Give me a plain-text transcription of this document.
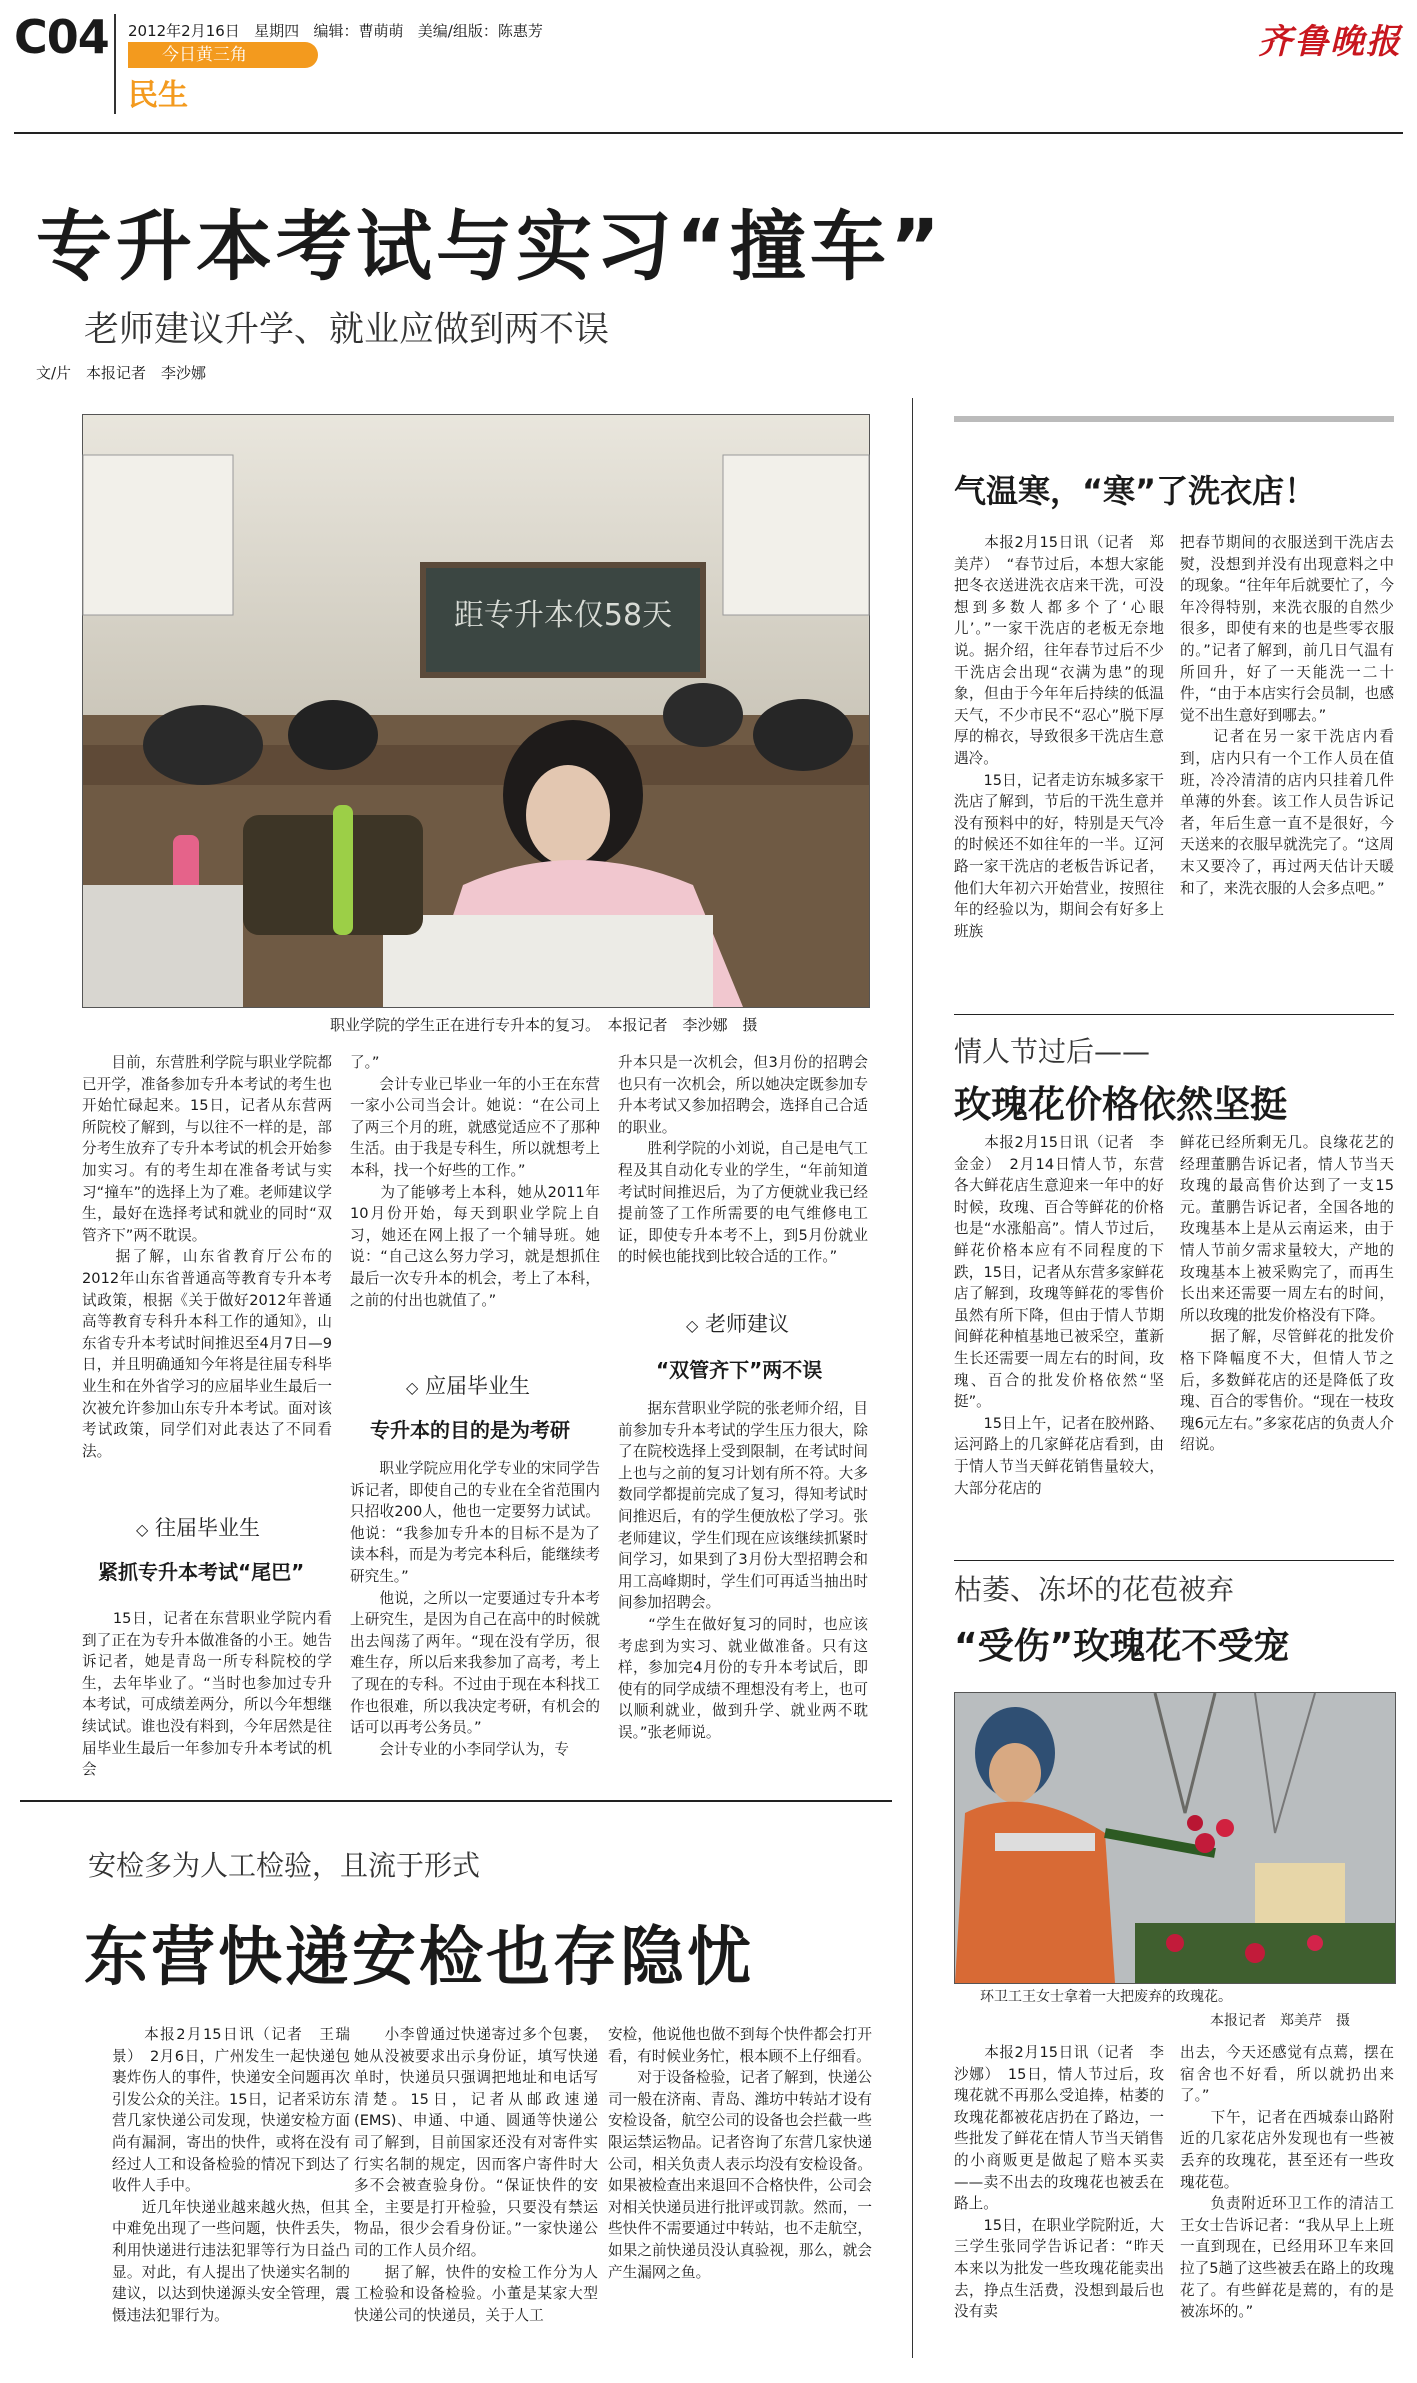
C04 2012年2月16日 星期四 编辑：曹萌萌 美编/组版：陈惠芳
今日黄三角
民生
齐鲁晚报
专升本考试与实习“撞车”
老师建议升学、就业应做到两不误
文/片　本报记者　李沙娜
距专升本仅58天
职业学院的学生正在进行专升本的复习。　本报记者　李沙娜　摄
　　目前，东营胜利学院与职业学院都已开学，准备参加专升本考试的考生也开始忙碌起来。15日，记者从东营两所院校了解到，与以往不一样的是，部分考生放弃了专升本考试的机会开始参加实习。有的考生却在准备考试与实习“撞车”的选择上为了难。老师建议学生，最好在选择考试和就业的同时“双管齐下”两不耽误。
　　据了解，山东省教育厅公布的2012年山东省普通高等教育专升本考试政策，根据《关于做好2012年普通高等教育专科升本科工作的通知》，山东省专升本考试时间推迟至4月7日—9日，并且明确通知今年将是往届专科毕业生和在外省学习的应届毕业生最后一次被允许参加山东专升本考试。面对该考试政策，同学们对此表达了不同看法。
◇ 往届毕业生
紧抓专升本考试“尾巴”
　　15日，记者在东营职业学院内看到了正在为专升本做准备的小王。她告诉记者，她是青岛一所专科院校的学生，去年毕业了。“当时也参加过专升本考试，可成绩差两分，所以今年想继续试试。谁也没有料到，今年居然是往届毕业生最后一年参加专升本考试的机会
了。”
　　会计专业已毕业一年的小王在东营一家小公司当会计。她说：“在公司上了两三个月的班，就感觉适应不了那种生活。由于我是专科生，所以就想考上本科，找一个好些的工作。”
　　为了能够考上本科，她从2011年10月份开始，每天到职业学院上自习，她还在网上报了一个辅导班。她说：“自己这么努力学习，就是想抓住最后一次专升本的机会，考上了本科，之前的付出也就值了。”
◇ 应届毕业生
专升本的目的是为考研
　　职业学院应用化学专业的宋同学告诉记者，即使自己的专业在全省范围内只招收200人，他也一定要努力试试。他说：“我参加专升本的目标不是为了读本科，而是为考完本科后，能继续考研究生。”
　　他说，之所以一定要通过专升本考上研究生，是因为自己在高中的时候就出去闯荡了两年。“现在没有学历，很难生存，所以后来我参加了高考，考上了现在的专科。不过由于现在本科找工作也很难，所以我决定考研，有机会的话可以再考公务员。”
　　会计专业的小李同学认为，专
升本只是一次机会，但3月份的招聘会也只有一次机会，所以她决定既参加专升本考试又参加招聘会，选择自己合适的职业。
　　胜利学院的小刘说，自己是电气工程及其自动化专业的学生，“年前知道考试时间推迟后，为了方便就业我已经提前签了工作所需要的电气维修电工证，即使专升本考不上，到5月份就业的时候也能找到比较合适的工作。”
◇ 老师建议
“双管齐下”两不误
　　据东营职业学院的张老师介绍，目前参加专升本考试的学生压力很大，除了在院校选择上受到限制，在考试时间上也与之前的复习计划有所不符。大多数同学都提前完成了复习，得知考试时间推迟后，有的学生便放松了学习。张老师建议，学生们现在应该继续抓紧时间学习，如果到了3月份大型招聘会和用工高峰期时，学生们可再适当抽出时间参加招聘会。
　　“学生在做好复习的同时，也应该考虑到为实习、就业做准备。只有这样，参加完4月份的专升本考试后，即使有的同学成绩不理想没有考上，也可以顺利就业，做到升学、就业两不耽误。”张老师说。
安检多为人工检验，且流于形式
东营快递安检也存隐忧
　　本报2月15日讯（记者　王瑞景）　2月6日，广州发生一起快递包裹炸伤人的事件，快递安全问题再次引发公众的关注。15日，记者采访东营几家快递公司发现，快递安检方面尚有漏洞，寄出的快件，或将在没有经过人工和设备检验的情况下到达了收件人手中。
　　近几年快递业越来越火热，但其中难免出现了一些问题，快件丢失，利用快递进行违法犯罪等行为日益凸显。对此，有人提出了快递实名制的建议，以达到快递源头安全管理，震慑违法犯罪行为。
　　小李曾通过快递寄过多个包裹，她从没被要求出示身份证，填写快递单时，快递员只强调把地址和电话写清楚。15日，记者从邮政速递(EMS)、申通、中通、圆通等快递公司了解到，目前国家还没有对寄件实行实名制的规定，因而客户寄件时大多不会被查验身份。“保证快件的安全，主要是打开检验，只要没有禁运物品，很少会看身份证。”一家快递公司的工作人员介绍。
　　据了解，快件的安检工作分为人工检验和设备检验。小董是某家大型快递公司的快递员，关于人工
安检，他说他也做不到每个快件都会打开看，有时候业务忙，根本顾不上仔细看。
　　对于设备检验，记者了解到，快递公司一般在济南、青岛、潍坊中转站才设有安检设备，航空公司的设备也会拦截一些限运禁运物品。记者咨询了东营几家快递公司，相关负责人表示均没有安检设备。如果被检查出来退回不合格快件，公司会对相关快递员进行批评或罚款。然而，一些快件不需要通过中转站，也不走航空，如果之前快递员没认真验视，那么，就会产生漏网之鱼。
气温寒，“寒”了洗衣店！
　　本报2月15日讯（记者　郑美芹）　“春节过后，本想大家能把冬衣送进洗衣店来干洗，可没想到多数人都多个了‘心眼儿’。”一家干洗店的老板无奈地说。据介绍，往年春节过后不少干洗店会出现“衣满为患”的现象，但由于今年年后持续的低温天气，不少市民不“忍心”脱下厚厚的棉衣，导致很多干洗店生意遇冷。
　　15日，记者走访东城多家干洗店了解到，节后的干洗生意并没有预料中的好，特别是天气冷的时候还不如往年的一半。辽河路一家干洗店的老板告诉记者，他们大年初六开始营业，按照往年的经验以为，期间会有好多上班族
把春节期间的衣服送到干洗店去熨，没想到并没有出现意料之中的现象。“往年年后就要忙了，今年冷得特别，来洗衣服的自然少很多，即使有来的也是些零衣服的。”记者了解到，前几日气温有所回升，好了一天能洗一二十件，“由于本店实行会员制，也感觉不出生意好到哪去。”
　　记者在另一家干洗店内看到，店内只有一个工作人员在值班，冷冷清清的店内只挂着几件单薄的外套。该工作人员告诉记者，年后生意一直不是很好，今天送来的衣服早就洗完了。“这周末又要冷了，再过两天估计天暖和了，来洗衣服的人会多点吧。”
情人节过后——
玫瑰花价格依然坚挺
　　本报2月15日讯（记者　李金金）　2月14日情人节，东营各大鲜花店生意迎来一年中的好时候，玫瑰、百合等鲜花的价格也是“水涨船高”。情人节过后，鲜花价格本应有不同程度的下跌，15日，记者从东营多家鲜花店了解到，玫瑰等鲜花的零售价虽然有所下降，但由于情人节期间鲜花种植基地已被采空，董新生长还需要一周左右的时间，玫瑰、百合的批发价格依然“坚挺”。
　　15日上午，记者在胶州路、运河路上的几家鲜花店看到，由于情人节当天鲜花销售量较大，大部分花店的
鲜花已经所剩无几。良缘花艺的经理董鹏告诉记者，情人节当天玫瑰的最高售价达到了一支15元。董鹏告诉记者，全国各地的玫瑰基本上是从云南运来，由于情人节前夕需求量较大，产地的玫瑰基本上被采购完了，而再生长出来还需要一周左右的时间，所以玫瑰的批发价格没有下降。
　　据了解，尽管鲜花的批发价格下降幅度不大，但情人节之后，多数鲜花店的还是降低了玫瑰、百合的零售价。“现在一枝玫瑰6元左右。”多家花店的负责人介绍说。
枯萎、冻坏的花苞被弃
“受伤”玫瑰花不受宠
环卫工王女士拿着一大把废弃的玫瑰花。
本报记者　郑美芹　摄
　　本报2月15日讯（记者　李沙娜）　15日，情人节过后，玫瑰花就不再那么受追捧，枯萎的玫瑰花都被花店扔在了路边，一些批发了鲜花在情人节当天销售的小商贩更是做起了赔本买卖——卖不出去的玫瑰花也被丢在路上。
　　15日，在职业学院附近，大三学生张同学告诉记者：“昨天本来以为批发一些玫瑰花能卖出去，挣点生活费，没想到最后也没有卖
出去，今天还感觉有点蔫，摆在宿舍也不好看，所以就扔出来了。”
　　下午，记者在西城泰山路附近的几家花店外发现也有一些被丢弃的玫瑰花，甚至还有一些玫瑰花苞。
　　负责附近环卫工作的清洁工王女士告诉记者：“我从早上上班一直到现在，已经用环卫车来回拉了5趟了这些被丢在路上的玫瑰花了。有些鲜花是蔫的，有的是被冻坏的。”
